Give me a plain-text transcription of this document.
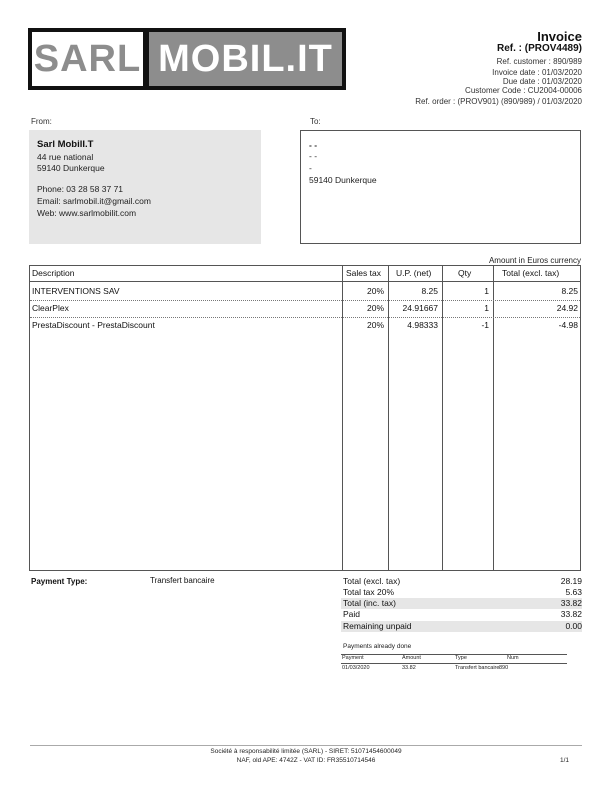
SARL MOBIL.IT
Invoice
Ref. : (PROV4489)
Ref. customer : 890/989
Invoice date : 01/03/2020
Due date : 01/03/2020
Customer Code : CU2004-00006
Ref. order : (PROV901) (890/989) / 01/03/2020
From:	To:
Sarl MobilI.T
44 rue national
59140 Dunkerque
Phone: 03 28 58 37 71
Email: sarlmobil.it@gmail.com
Web: www.sarlmobilit.com
- -
- -
-
59140 Dunkerque
Amount in Euros currency
Description	Sales tax U.P. (net)	Qty	Total (excl. tax)
INTERVENTIONS SAV	20%	8.25	1	8.25
ClearPlex	20% 24.91667	1	24.92
PrestaDiscount - PrestaDiscount	20%	4.98333	-1	-4.98
Payment Type:	Transfert bancaire	Total (excl. tax)	28.19
Total tax 20%	5.63
Total (inc. tax)	33.82
Paid	33.82
Remaining unpaid	0.00
Payments already done
Payment	Amount	Type	Num
01/03/2020	33.82	Transfert bancaire 890
Société à responsabilité limitée (SARL) - SIRET: 51071454600049
NAF, old APE: 4742Z - VAT ID: FR35510714546	1/1
